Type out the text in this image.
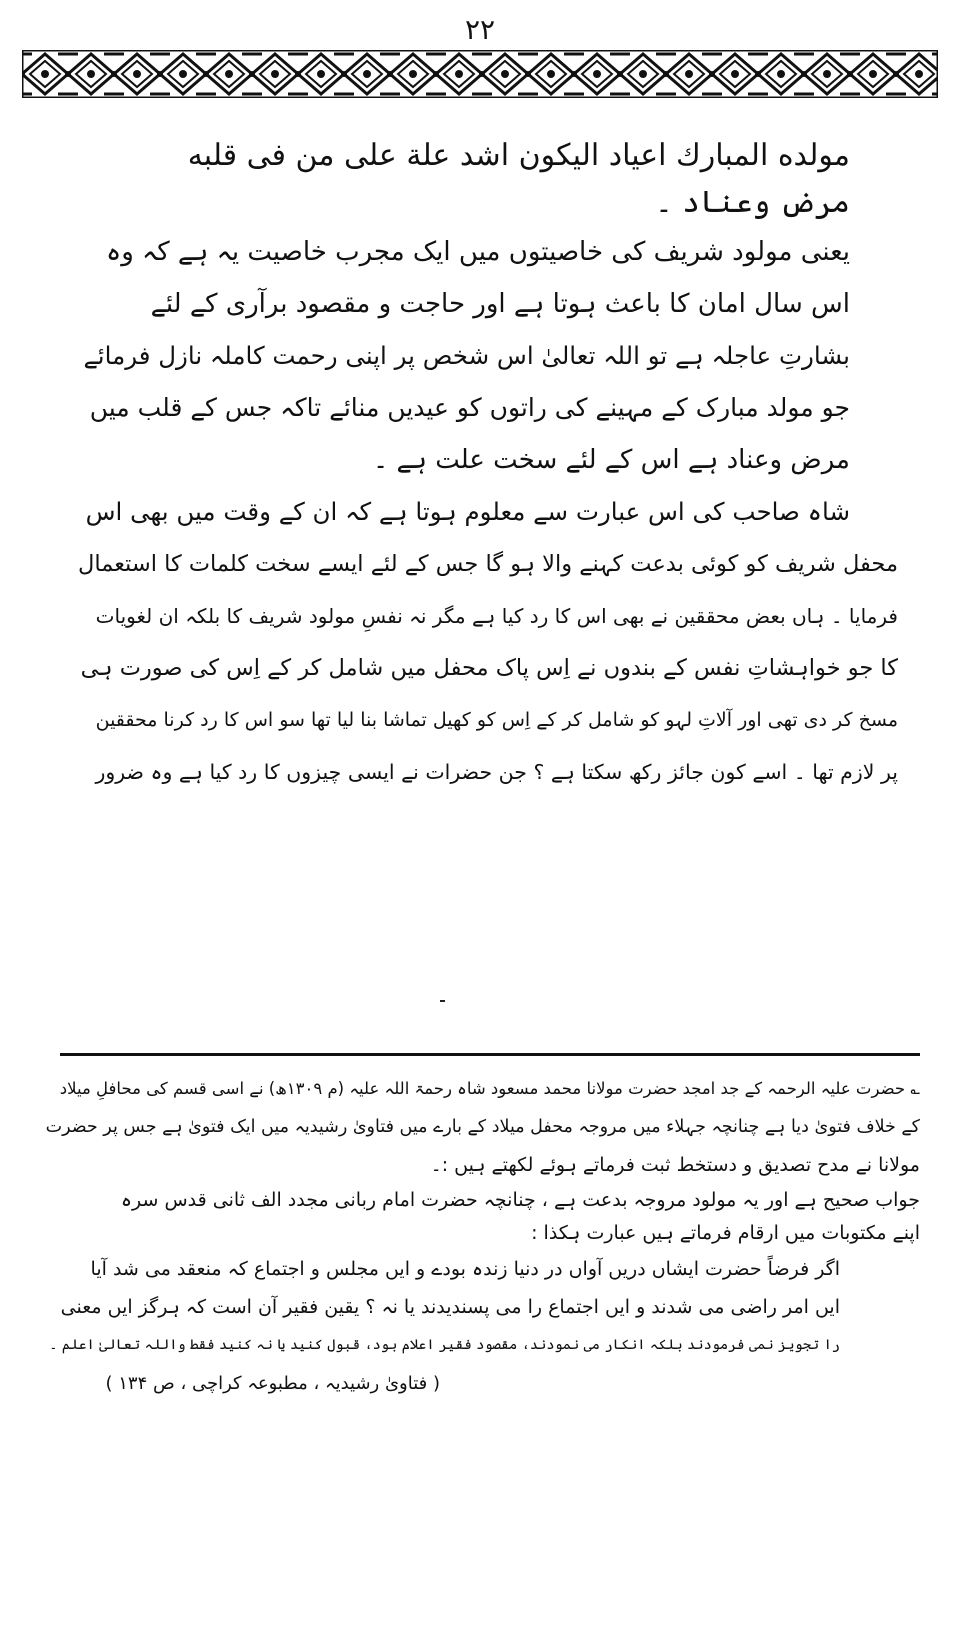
٢٢

مولده المبارك اعياد اليكون اشد علة علی من فی قلبه

مرض وعناد ۔

یعنی مولود شریف کی خاصیتوں میں ایک مجرب خاصیت یہ ہے کہ وہ

اس سال امان کا باعث ہوتا ہے اور حاجت و مقصود برآری کے لئے

بشارتِ عاجلہ ہے تو اللہ تعالیٰ اس شخص پر اپنی رحمت کاملہ نازل فرمائے

جو مولد مبارک کے مہینے کی راتوں کو عیدیں منائے تاکہ جس کے قلب میں

مرض وعناد ہے اس کے لئے سخت علت ہے ۔

شاہ صاحب کی اس عبارت سے معلوم ہوتا ہے کہ ان کے وقت میں بھی اس

محفل شریف کو کوئی بدعت کہنے والا ہو گا جس کے لئے ایسے سخت کلمات کا استعمال

فرمایا ۔ ہاں بعض محققین نے بھی اس کا رد کیا ہے مگر نہ نفسِ مولود شریف کا بلکہ ان لغویات

کا جو خواہشاتِ نفس کے بندوں نے اِس پاک محفل میں شامل کر کے اِس کی صورت ہی

مسخ کر دی تھی اور آلاتِ لہو کو شامل کر کے اِس کو کھیل تماشا بنا لیا تھا سو اس کا رد کرنا محققین

پر لازم تھا ۔ اسے کون جائز رکھ سکتا ہے ؟ جن حضرات نے ایسی چیزوں کا رد کیا ہے وہ ضرور

؎ حضرت علیہ الرحمہ کے جد امجد حضرت مولانا محمد مسعود شاہ رحمۃ اللہ علیہ (م ۱۳۰۹ھ) نے اسی قسم کی محافلِ میلاد

کے خلاف فتویٰ دیا ہے چنانچہ جہلاء میں مروجہ محفل میلاد کے بارے میں فتاویٰ رشیدیہ میں ایک فتویٰ ہے جس پر حضرت

مولانا نے مدح تصدیق و دستخط ثبت فرماتے ہوئے لکھتے ہیں :۔

جواب صحیح ہے اور یہ مولود مروجہ بدعت ہے ، چنانچہ حضرت امام ربانی مجدد الف ثانی قدس سرہ

اپنے مکتوبات میں ارقام فرماتے ہیں عبارت ہکذا :

اگر فرضاً حضرت ایشاں دریں آواں در دنیا زندہ بودے و ایں مجلس و اجتماع کہ منعقد می شد آیا

ایں امر راضی می شدند و ایں اجتماع را می پسندیدند یا نہ ؟ یقین فقیر آن است کہ ہرگز ایں معنی

را تجویز نمی فرمودند بلکہ انکار می نمودند، مقصود فقیر اعلام بود، قبول کنید یا نہ کنید فقط واللہ تعالیٰ اعلم ۔

( فتاویٰ رشیدیہ ، مطبوعہ کراچی ، ص ۱۳۴ )
